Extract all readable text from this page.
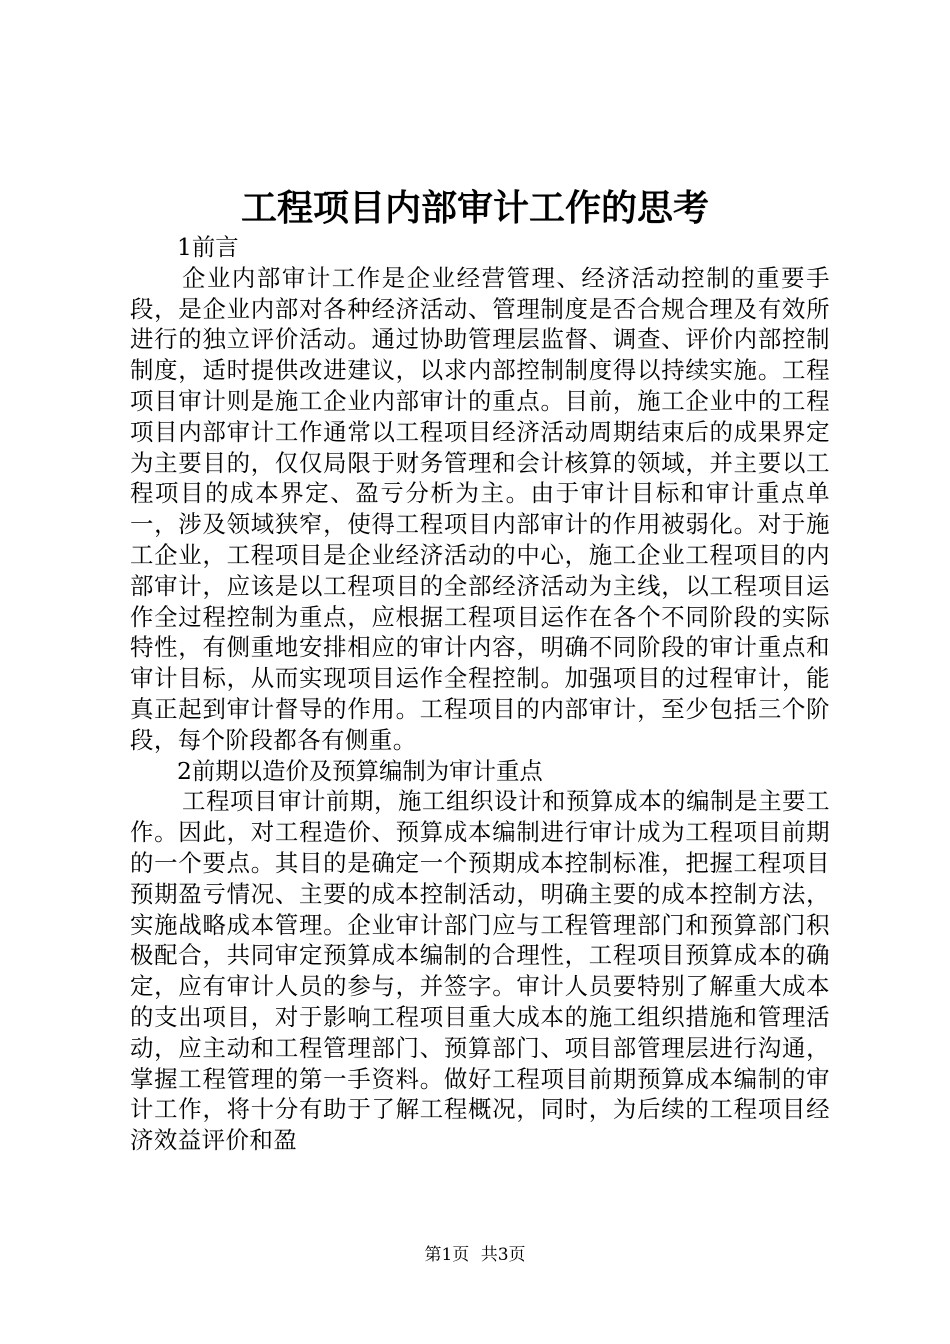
工程项目内部审计工作的思考
1前言

企业内部审计工作是企业经营管理、经济活动控制的重要手段，是企业内部对各种经济活动、管理制度是否合规合理及有效所进行的独立评价活动。通过协助管理层监督、调查、评价内部控制制度，适时提供改进建议，以求内部控制制度得以持续实施。工程项目审计则是施工企业内部审计的重点。目前，施工企业中的工程项目内部审计工作通常以工程项目经济活动周期结束后的成果界定为主要目的，仅仅局限于财务管理和会计核算的领域，并主要以工程项目的成本界定、盈亏分析为主。由于审计目标和审计重点单一，涉及领域狭窄，使得工程项目内部审计的作用被弱化。对于施工企业，工程项目是企业经济活动的中心，施工企业工程项目的内部审计，应该是以工程项目的全部经济活动为主线，以工程项目运作全过程控制为重点，应根据工程项目运作在各个不同阶段的实际特性，有侧重地安排相应的审计内容，明确不同阶段的审计重点和审计目标，从而实现项目运作全程控制。加强项目的过程审计，能真正起到审计督导的作用。工程项目的内部审计，至少包括三个阶段，每个阶段都各有侧重。

2前期以造价及预算编制为审计重点

工程项目审计前期，施工组织设计和预算成本的编制是主要工作。因此，对工程造价、预算成本编制进行审计成为工程项目前期的一个要点。其目的是确定一个预期成本控制标准，把握工程项目预期盈亏情况、主要的成本控制活动，明确主要的成本控制方法，实施战略成本管理。企业审计部门应与工程管理部门和预算部门积极配合，共同审定预算成本编制的合理性，工程项目预算成本的确定，应有审计人员的参与，并签字。审计人员要特别了解重大成本的支出项目，对于影响工程项目重大成本的施工组织措施和管理活动，应主动和工程管理部门、预算部门、项目部管理层进行沟通，掌握工程管理的第一手资料。做好工程项目前期预算成本编制的审计工作，将十分有助于了解工程概况，同时，为后续的工程项目经济效益评价和盈

第1页 共3页
